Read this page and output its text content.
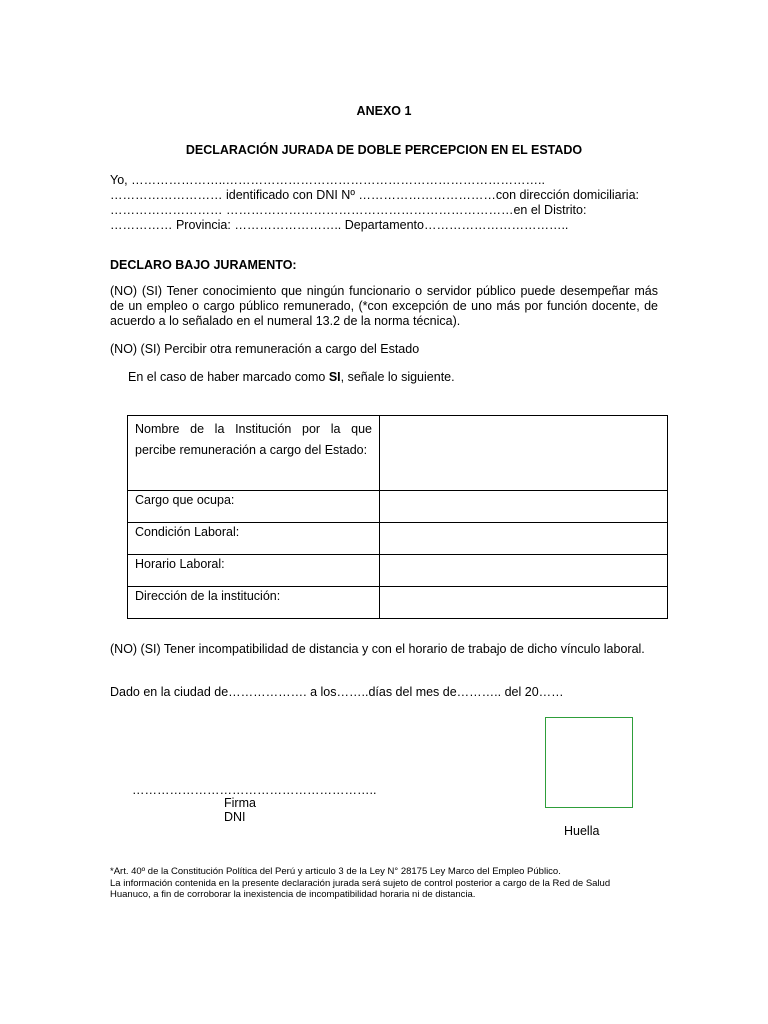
ANEXO 1
DECLARACIÓN JURADA DE DOBLE PERCEPCION EN EL ESTADO
Yo, …………………..…………………………………………………………………..
……………………… identificado con DNI Nº ……………………………con dirección domiciliaria:
……………………… ……………………………………………………………en el Distrito:
…………… Provincia: …………………….. Departamento……………………………..
DECLARO BAJO JURAMENTO:

(NO) (SI) Tener conocimiento que ningún funcionario o servidor público puede desempeñar más de un empleo o cargo público remunerado, (*con excepción de uno más por función docente, de acuerdo a lo señalado en el numeral 13.2 de la norma técnica).

(NO) (SI) Percibir otra remuneración a cargo del Estado
En el caso de haber marcado como SI, señale lo siguiente.
Nombre de la Institución por la que percibe remuneración a cargo del Estado:	

Cargo que ocupa:	
Condición Laboral:	
Horario Laboral:	
Dirección de la institución:	

(NO) (SI) Tener incompatibilidad de distancia y con el horario de trabajo de dicho vínculo laboral.

Dado en la ciudad de………………. a los……..días del mes de……….. del 20……
…………………………………………………..
Firma
DNI
Huella
*Art. 40º de la Constitución Política del Perú y articulo 3 de la Ley N° 28175 Ley Marco del Empleo Público.
La información contenida en la presente declaración jurada será sujeto de control posterior a cargo de la Red de Salud
Huanuco, a fin de corroborar la inexistencia de incompatibilidad horaria ni de distancia.
